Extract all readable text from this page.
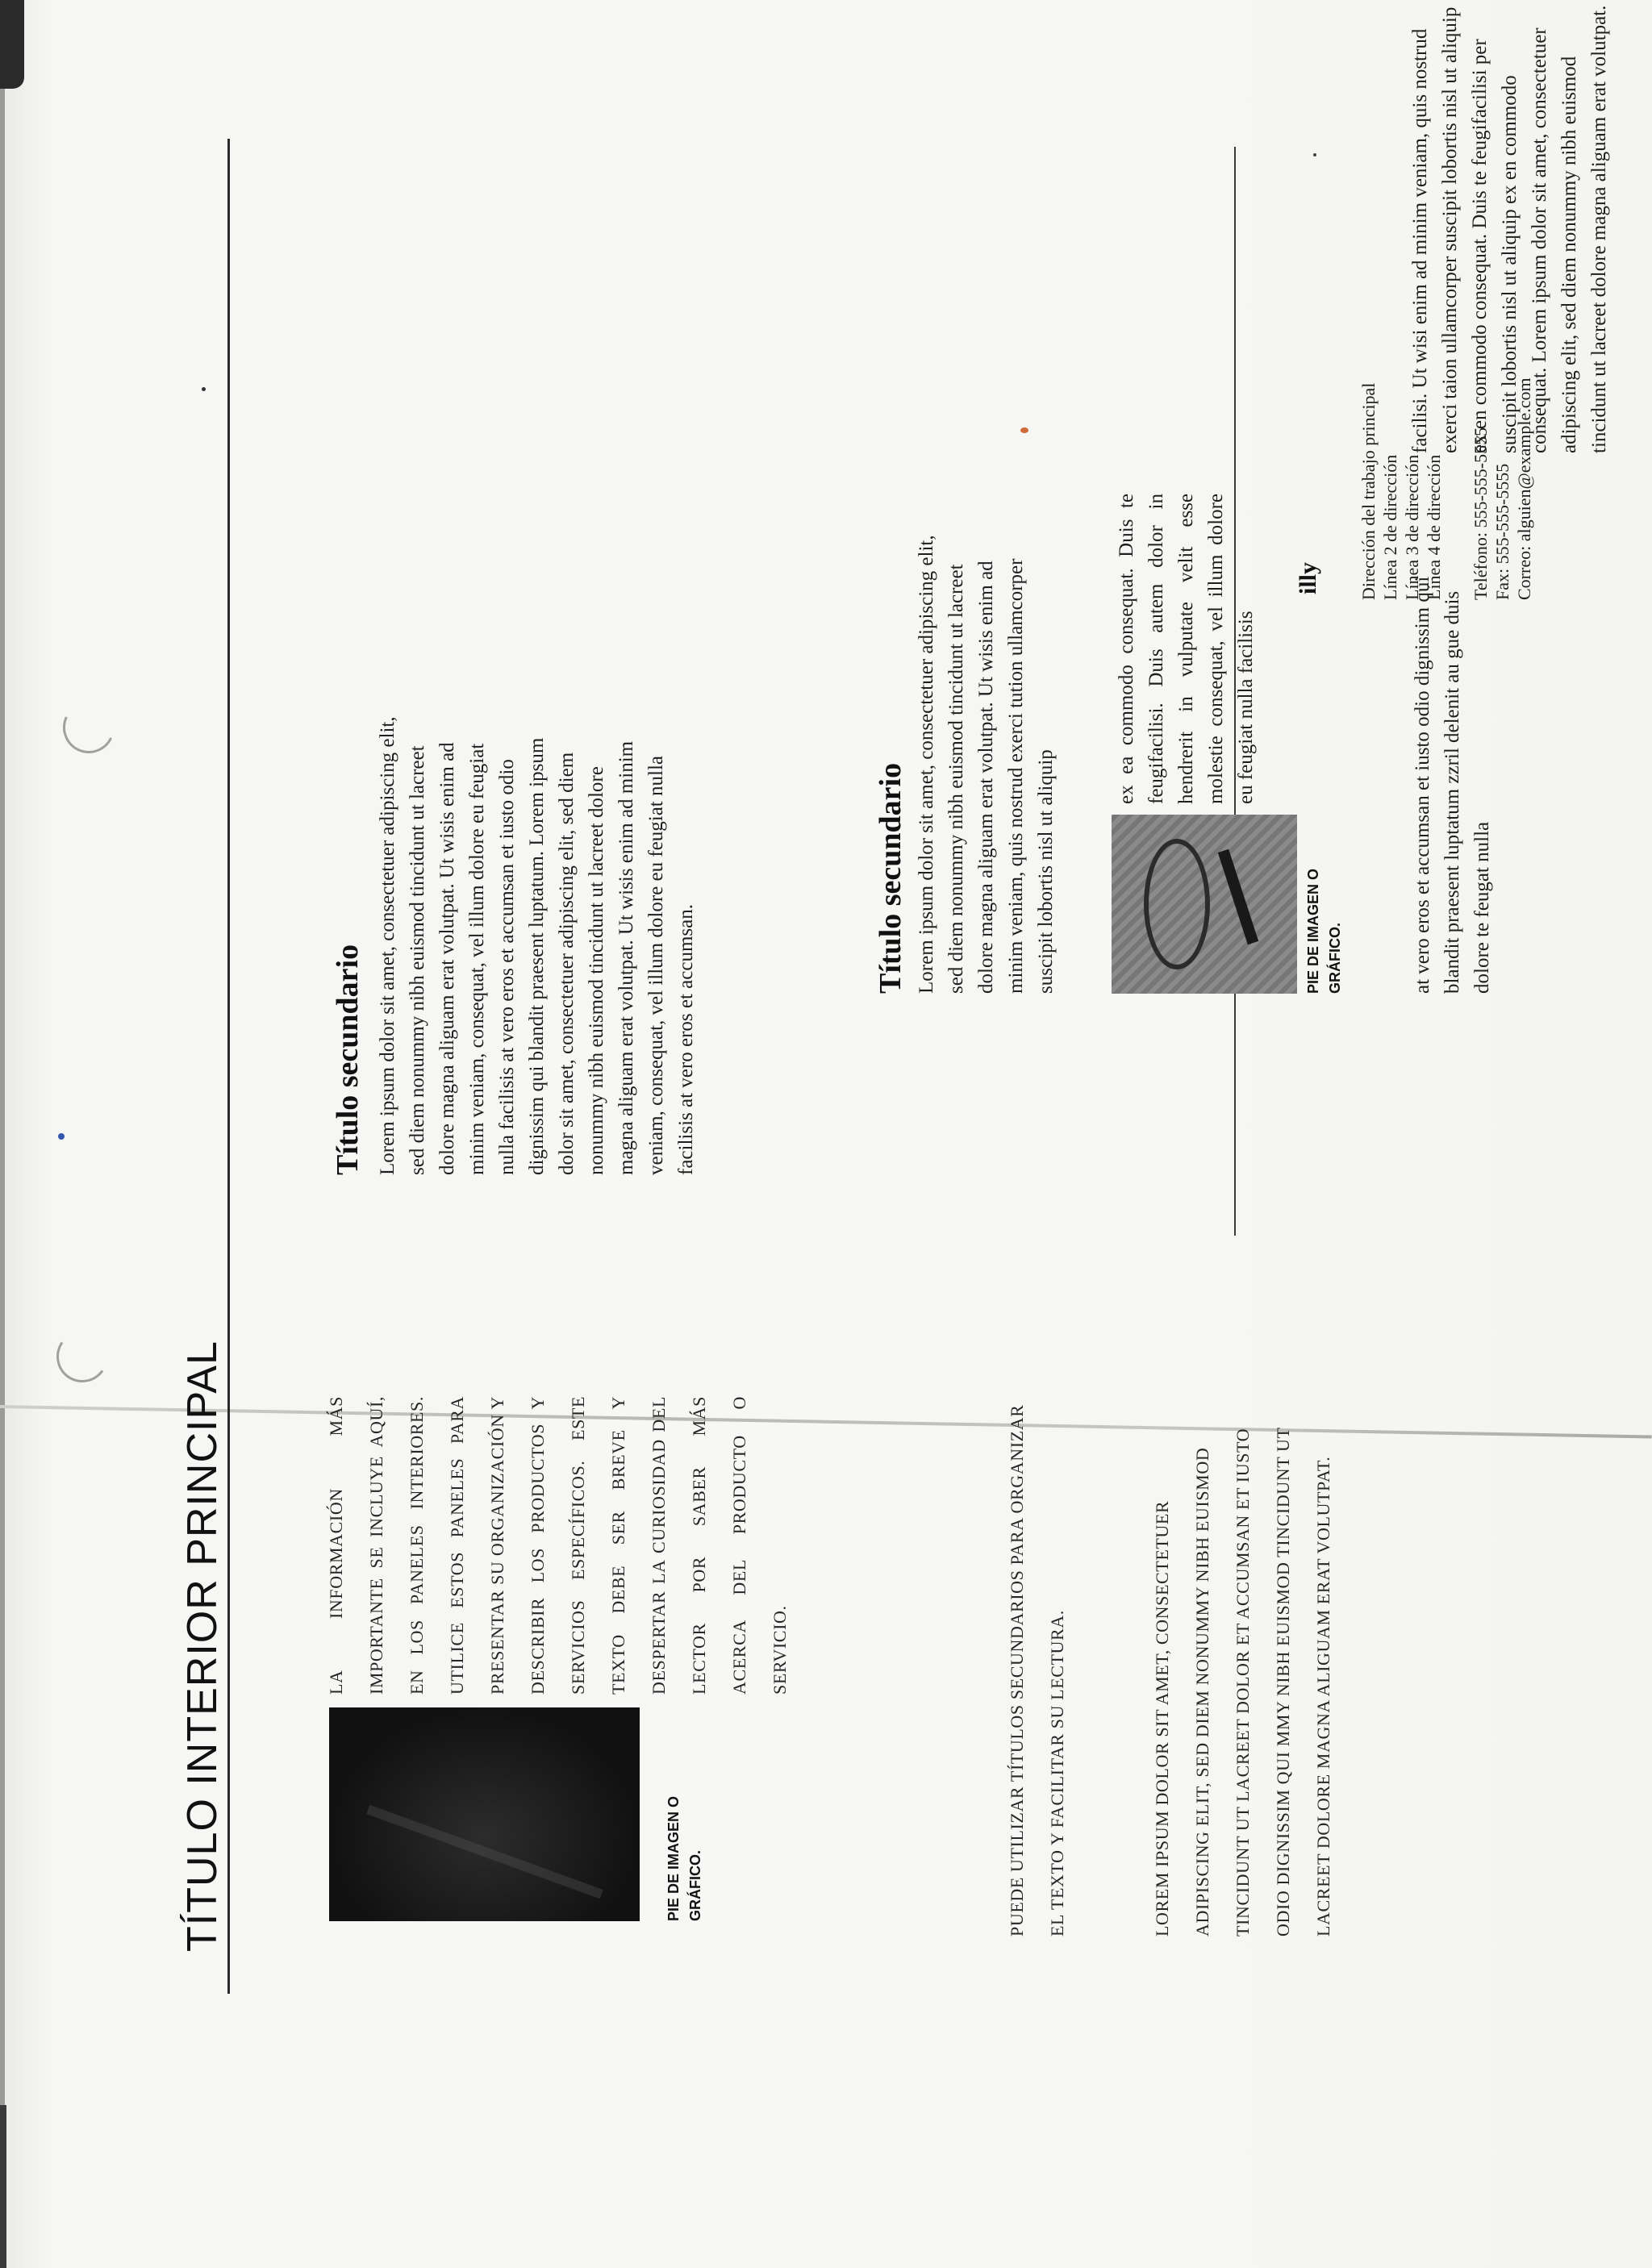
TÍTULO INTERIOR PRINCIPAL	PIE DE IMAGEN O GRÁFICO.
LA INFORMACIÓN MÁS IMPORTANTE SE INCLUYE AQUÍ, EN LOS PANELES INTERIORES. UTILICE ESTOS PANELES PARA PRESENTAR SU ORGANIZACIÓN Y DESCRIBIR LOS PRODUCTOS Y SERVICIOS ESPECÍFICOS. ESTE TEXTO DEBE SER BREVE Y DESPERTAR LA CURIOSIDAD DEL LECTOR POR SABER MÁS ACERCA DEL PRODUCTO O SERVICIO.	PUEDE UTILIZAR TÍTULOS SECUNDARIOS PARA ORGANIZAR EL TEXTO Y FACILITAR SU LECTURA.	LOREM IPSUM DOLOR SIT AMET, CONSECTETUER ADIPISCING ELIT, SED DIEM NONUMMY NIBH EUISMOD TINCIDUNT UT LACREET DOLOR ET ACCUMSAN ET IUSTO ODIO DIGNISSIM QUI MMY NIBH EUISMOD TINCIDUNT UT LACREET DOLORE MAGNA ALIGUAM ERAT VOLUTPAT.
Título secundario Lorem ipsum dolor sit amet, consectetuer adipiscing elit, sed diem nonummy nibh euismod tincidunt ut lacreet dolore magna aliguam erat volutpat. Ut wisis enim ad minim veniam, consequat, vel illum dolore eu feugiat nulla facilisis at vero eros et accumsan et iusto odio dignissim qui blandit praesent luptatum. Lorem ipsum dolor sit amet, consectetuer adipiscing elit, sed diem nonummy nibh euismod tincidunt ut lacreet dolore magna aliguam erat volutpat. Ut wisis enim ad minim veniam, consequat, vel illum dolore eu feugiat nulla facilisis at vero eros et accumsan.
Título secundario Lorem ipsum dolor sit amet, consectetuer adipiscing elit, sed diem nonummy nibh euismod tincidunt ut lacreet dolore magna aliguam erat volutpat. Ut wisis enim ad minim veniam, quis nostrud exerci tution ullamcorper suscipit lobortis nisl ut aliquip	PIE DE IMAGEN O GRÁFICO.
ex ea commodo consequat. Duis te feugifacilisi. Duis autem dolor in hendrerit in vulputate velit esse molestie consequat, vel illum dolore eu feugiat nulla facilisis	at vero eros et accumsan et iusto odio dignissim qui blandit praesent luptatum zzril delenit au gue duis dolore te feugat nulla
facilisi. Ut wisi enim ad minim veniam, quis nostrud exerci taion ullamcorper suscipit lobortis nisl ut aliquip ex en commodo consequat. Duis te feugifacilisi per suscipit lobortis nisl ut aliquip ex en commodo consequat. Lorem ipsum dolor sit amet, consectetuer adipiscing elit, sed diem nonummy nibh euismod tincidunt ut lacreet dolore magna aliguam erat volutpat.
illy Dirección del trabajo principal Línea 2 de dirección Línea 3 de dirección Línea 4 de dirección Teléfono: 555-555-5555 Fax: 555-555-5555 Correo: alguien@example.com
